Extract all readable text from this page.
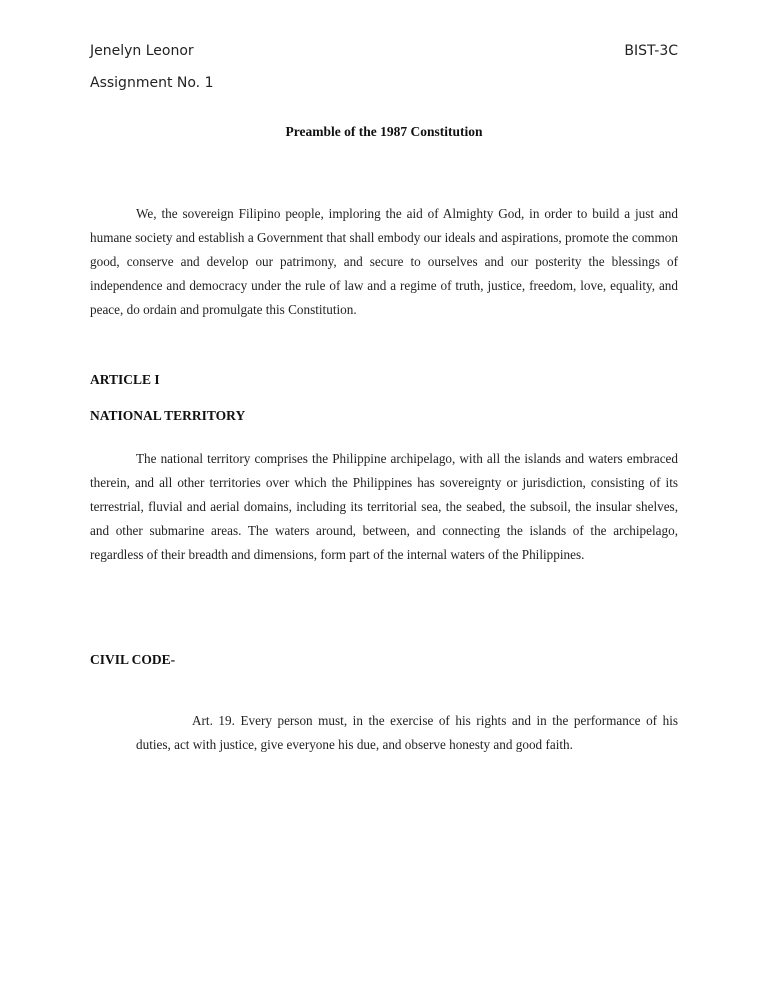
Jenelyn Leonor	BIST-3C
Assignment No. 1
Preamble of the 1987 Constitution

We, the sovereign Filipino people, imploring the aid of Almighty God, in order to build a just and humane society and establish a Government that shall embody our ideals and aspirations, promote the common good, conserve and develop our patrimony, and secure to ourselves and our posterity the blessings of independence and democracy under the rule of law and a regime of truth, justice, freedom, love, equality, and peace, do ordain and promulgate this Constitution.

ARTICLE I
NATIONAL TERRITORY

The national territory comprises the Philippine archipelago, with all the islands and waters embraced therein, and all other territories over which the Philippines has sovereignty or jurisdiction, consisting of its terrestrial, fluvial and aerial domains, including its territorial sea, the seabed, the subsoil, the insular shelves, and other submarine areas. The waters around, between, and connecting the islands of the archipelago, regardless of their breadth and dimensions, form part of the internal waters of the Philippines.

CIVIL CODE-

Art. 19. Every person must, in the exercise of his rights and in the performance of his duties, act with justice, give everyone his due, and observe honesty and good faith.
